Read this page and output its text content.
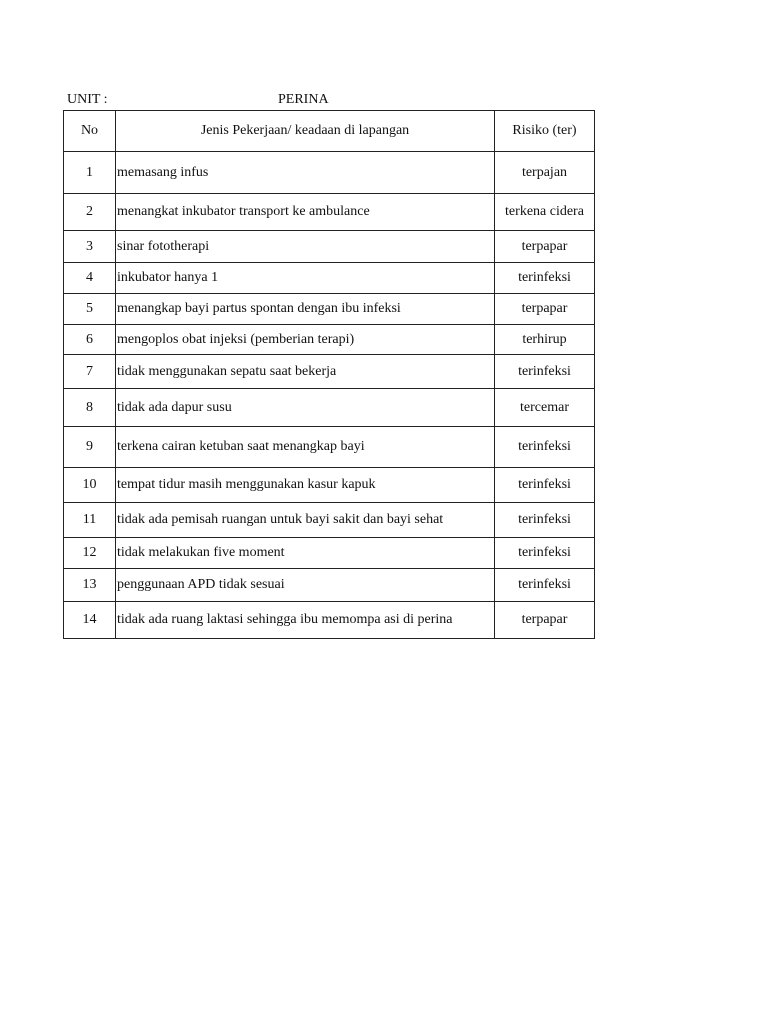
UNIT :	PERINA
No	Jenis Pekerjaan/ keadaan di lapangan	Risiko (ter)
1	memasang infus	terpajan
2	menangkat inkubator transport ke ambulance	terkena cidera
3	sinar fototherapi	terpapar
4	inkubator hanya 1	terinfeksi
5	menangkap bayi partus spontan dengan ibu infeksi	terpapar
6	mengoplos obat injeksi (pemberian terapi)	terhirup
7	tidak menggunakan sepatu saat bekerja	terinfeksi
8	tidak ada dapur susu	tercemar
9	terkena cairan ketuban saat menangkap bayi	terinfeksi
10	tempat tidur masih menggunakan kasur kapuk	terinfeksi
11	tidak ada pemisah ruangan untuk bayi sakit dan bayi sehat	terinfeksi
12	tidak melakukan five moment	terinfeksi
13	penggunaan APD tidak sesuai	terinfeksi
14	tidak ada ruang laktasi sehingga ibu memompa asi di perina	terpapar
